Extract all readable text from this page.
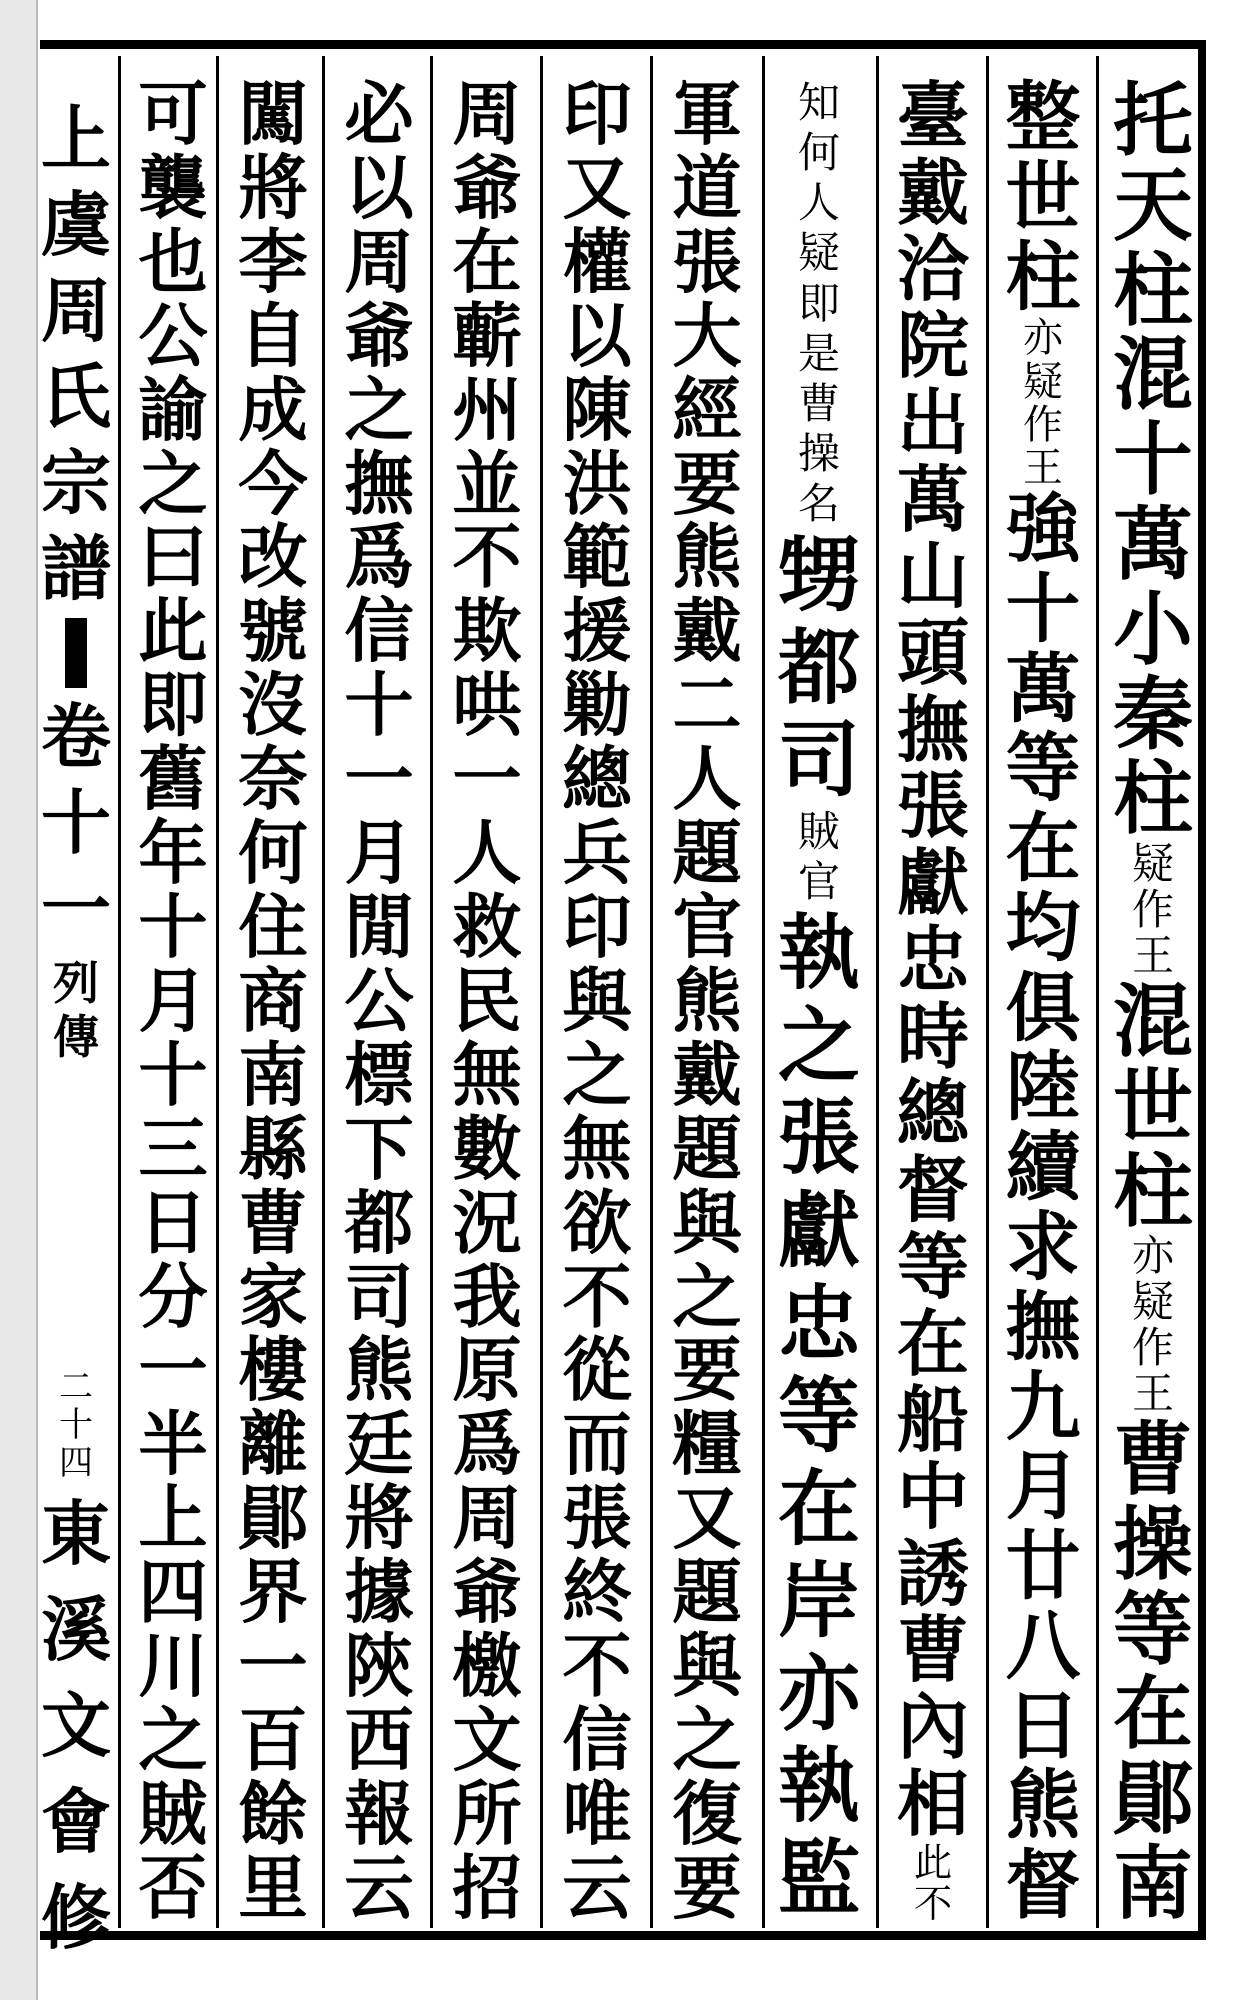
上
虞
周
氏
宗
譜
卷
十
一
列
傳
二
十
四
東
溪
文
會
修
托
天
柱
混
十
萬
小
秦
柱
疑
作
王
混
世
柱
亦
疑
作
王
曹
操
等
在
鄖
南
整
世
柱
亦
疑
作
王
強
十
萬
等
在
均
俱
陸
續
求
撫
九
月
廿
八
日
熊
督
臺
戴
洽
院
出
萬
山
頭
撫
張
獻
忠
時
總
督
等
在
船
中
誘
曹
內
相
此
不
知
何
人
疑
即
是
曹
操
名
甥
都
司
賊
官
執
之
張
獻
忠
等
在
岸
亦
執
監
軍
道
張
大
經
要
熊
戴
二
人
題
官
熊
戴
題
與
之
要
糧
又
題
與
之
復
要
印
又
權
以
陳
洪
範
援
勦
總
兵
印
與
之
無
欲
不
從
而
張
終
不
信
唯
云
周
爺
在
蘄
州
並
不
欺
哄
一
人
救
民
無
數
況
我
原
爲
周
爺
檄
文
所
招
必
以
周
爺
之
撫
爲
信
十
一
月
閒
公
標
下
都
司
熊
廷
將
據
陝
西
報
云
闖
將
李
自
成
今
改
號
沒
奈
何
住
商
南
縣
曹
家
樓
離
鄖
界
一
百
餘
里
可
襲
也
公
諭
之
曰
此
即
舊
年
十
月
十
三
日
分
一
半
上
四
川
之
賊
否
